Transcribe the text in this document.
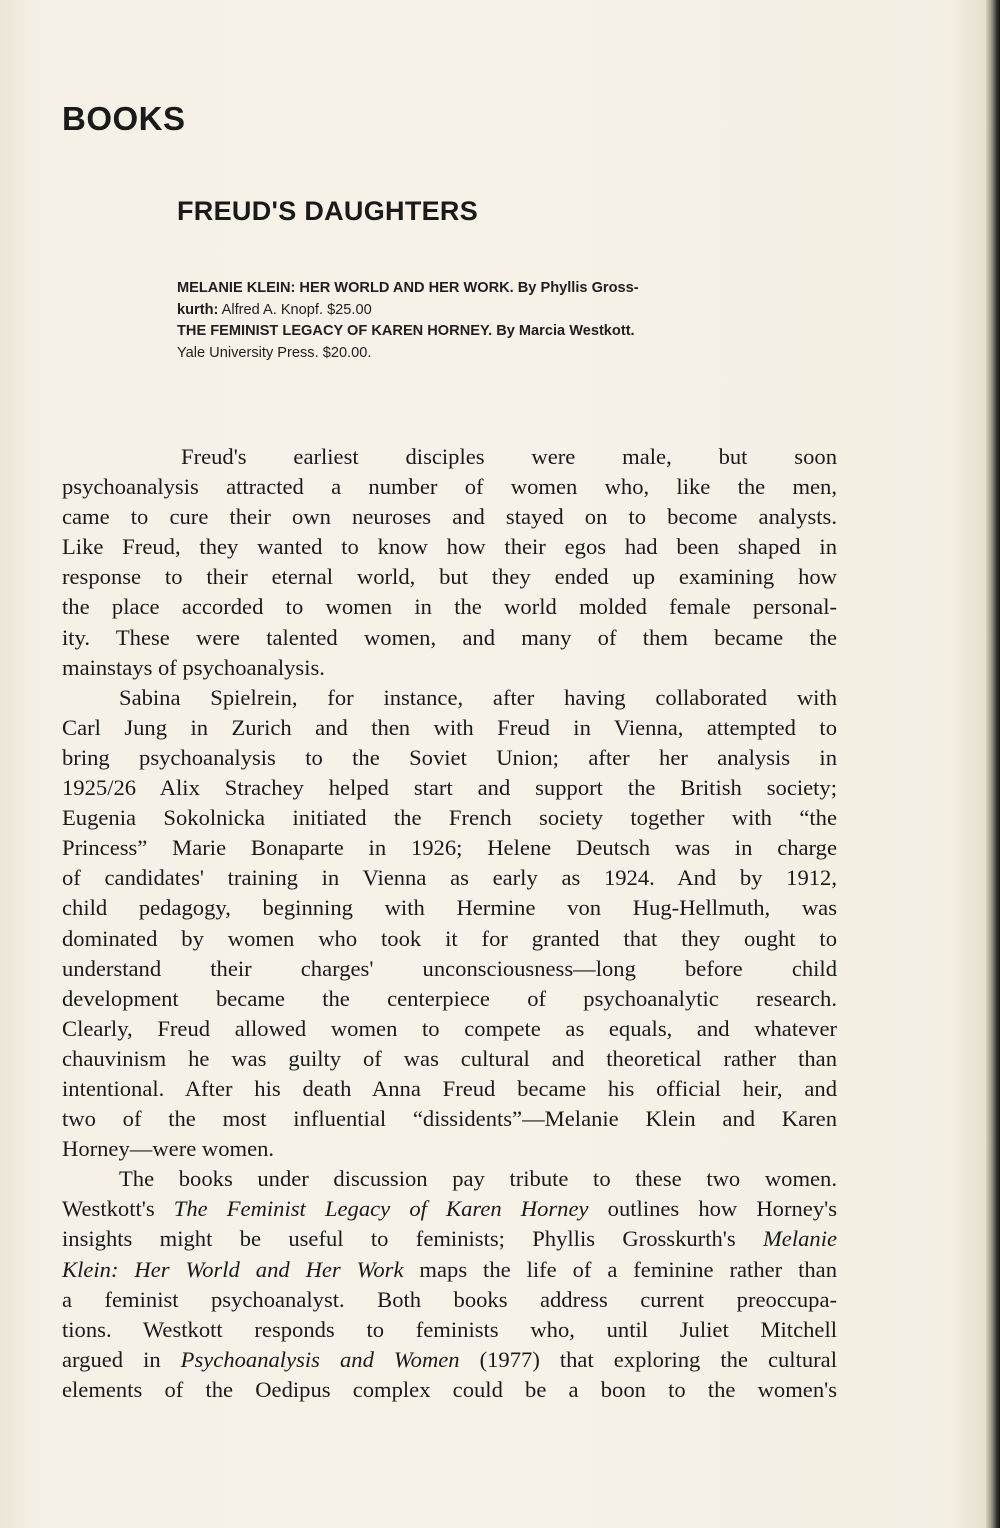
BOOKS
FREUD'S DAUGHTERS
MELANIE KLEIN: HER WORLD AND HER WORK. By Phyllis Gross-
kurth: Alfred A. Knopf. $25.00
THE FEMINIST LEGACY OF KAREN HORNEY. By Marcia Westkott.
Yale University Press. $20.00.
Freud's earliest disciples were male, but soon
psychoanalysis attracted a number of women who, like the men,
came to cure their own neuroses and stayed on to become analysts.
Like Freud, they wanted to know how their egos had been shaped in
response to their eternal world, but they ended up examining how
the place accorded to women in the world molded female personal-
ity. These were talented women, and many of them became the
mainstays of psychoanalysis.
Sabina Spielrein, for instance, after having collaborated with
Carl Jung in Zurich and then with Freud in Vienna, attempted to
bring psychoanalysis to the Soviet Union; after her analysis in
1925/26 Alix Strachey helped start and support the British society;
Eugenia Sokolnicka initiated the French society together with “the
Princess” Marie Bonaparte in 1926; Helene Deutsch was in charge
of candidates' training in Vienna as early as 1924. And by 1912,
child pedagogy, beginning with Hermine von Hug-Hellmuth, was
dominated by women who took it for granted that they ought to
understand their charges' unconsciousness—long before child
development became the centerpiece of psychoanalytic research.
Clearly, Freud allowed women to compete as equals, and whatever
chauvinism he was guilty of was cultural and theoretical rather than
intentional. After his death Anna Freud became his official heir, and
two of the most influential “dissidents”—Melanie Klein and Karen
Horney—were women.
The books under discussion pay tribute to these two women.
Westkott's The Feminist Legacy of Karen Horney outlines how Horney's
insights might be useful to feminists; Phyllis Grosskurth's Melanie
Klein: Her World and Her Work maps the life of a feminine rather than
a feminist psychoanalyst. Both books address current preoccupa-
tions. Westkott responds to feminists who, until Juliet Mitchell
argued in Psychoanalysis and Women (1977) that exploring the cultural
elements of the Oedipus complex could be a boon to the women's
